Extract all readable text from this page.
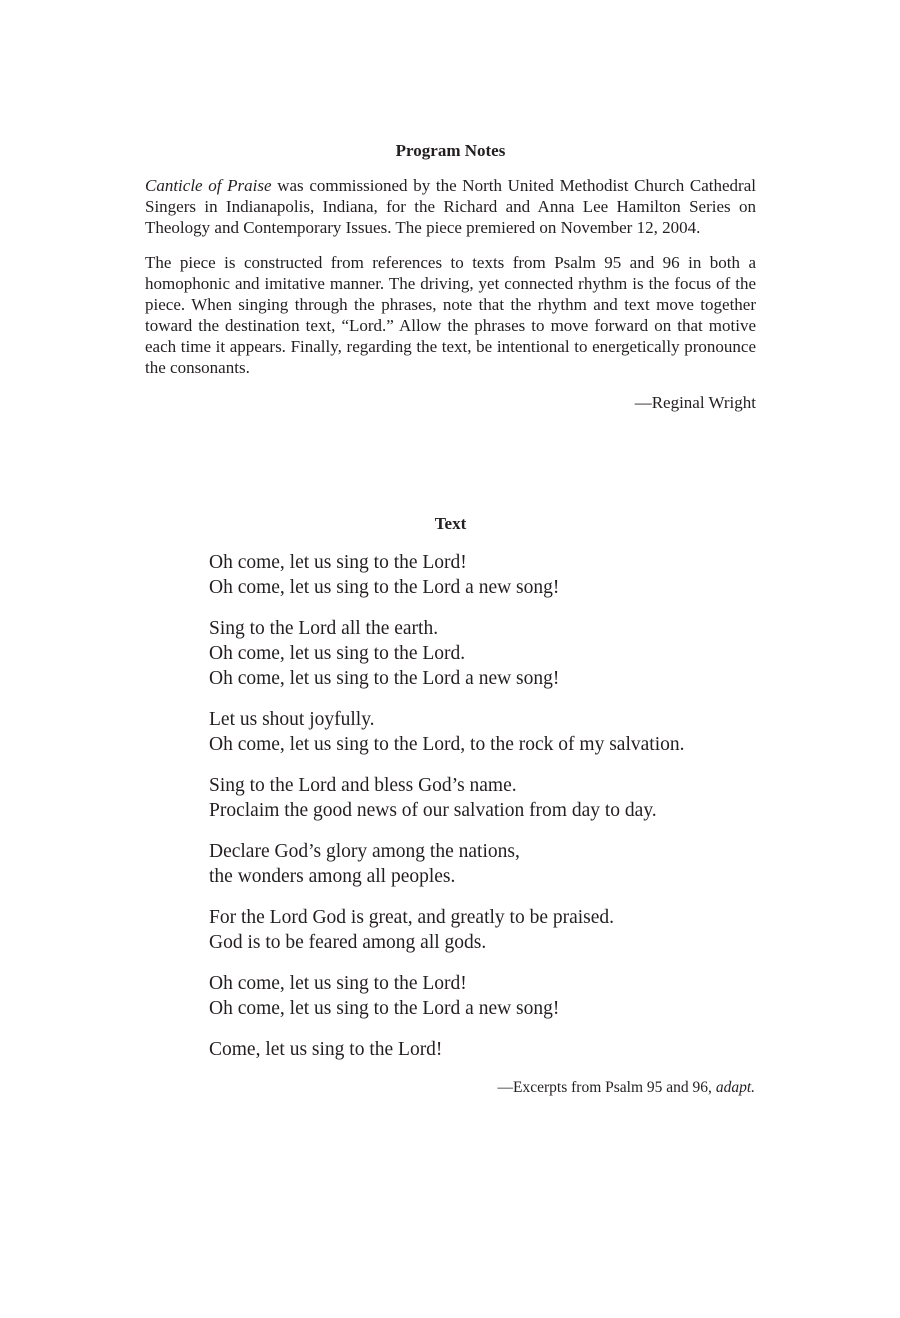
Program Notes

Canticle of Praise was commissioned by the North United Methodist Church Cathedral Singers in Indianapolis, Indiana, for the Richard and Anna Lee Hamilton Series on Theology and Contemporary Issues. The piece premiered on November 12, 2004.

The piece is constructed from references to texts from Psalm 95 and 96 in both a homophonic and imitative manner. The driving, yet connected rhythm is the focus of the piece. When singing through the phrases, note that the rhythm and text move together toward the destination text, “Lord.” Allow the phrases to move forward on that motive each time it appears. Finally, regarding the text, be intentional to energetically pronounce the consonants.

—Reginal Wright

Text
Oh come, let us sing to the Lord!
Oh come, let us sing to the Lord a new song!
Sing to the Lord all the earth.
Oh come, let us sing to the Lord.
Oh come, let us sing to the Lord a new song!
Let us shout joyfully.
Oh come, let us sing to the Lord, to the rock of my salvation.
Sing to the Lord and bless God’s name.
Proclaim the good news of our salvation from day to day.
Declare God’s glory among the nations,
the wonders among all peoples.
For the Lord God is great, and greatly to be praised.
God is to be feared among all gods.
Oh come, let us sing to the Lord!
Oh come, let us sing to the Lord a new song!
Come, let us sing to the Lord!

—Excerpts from Psalm 95 and 96, adapt.
